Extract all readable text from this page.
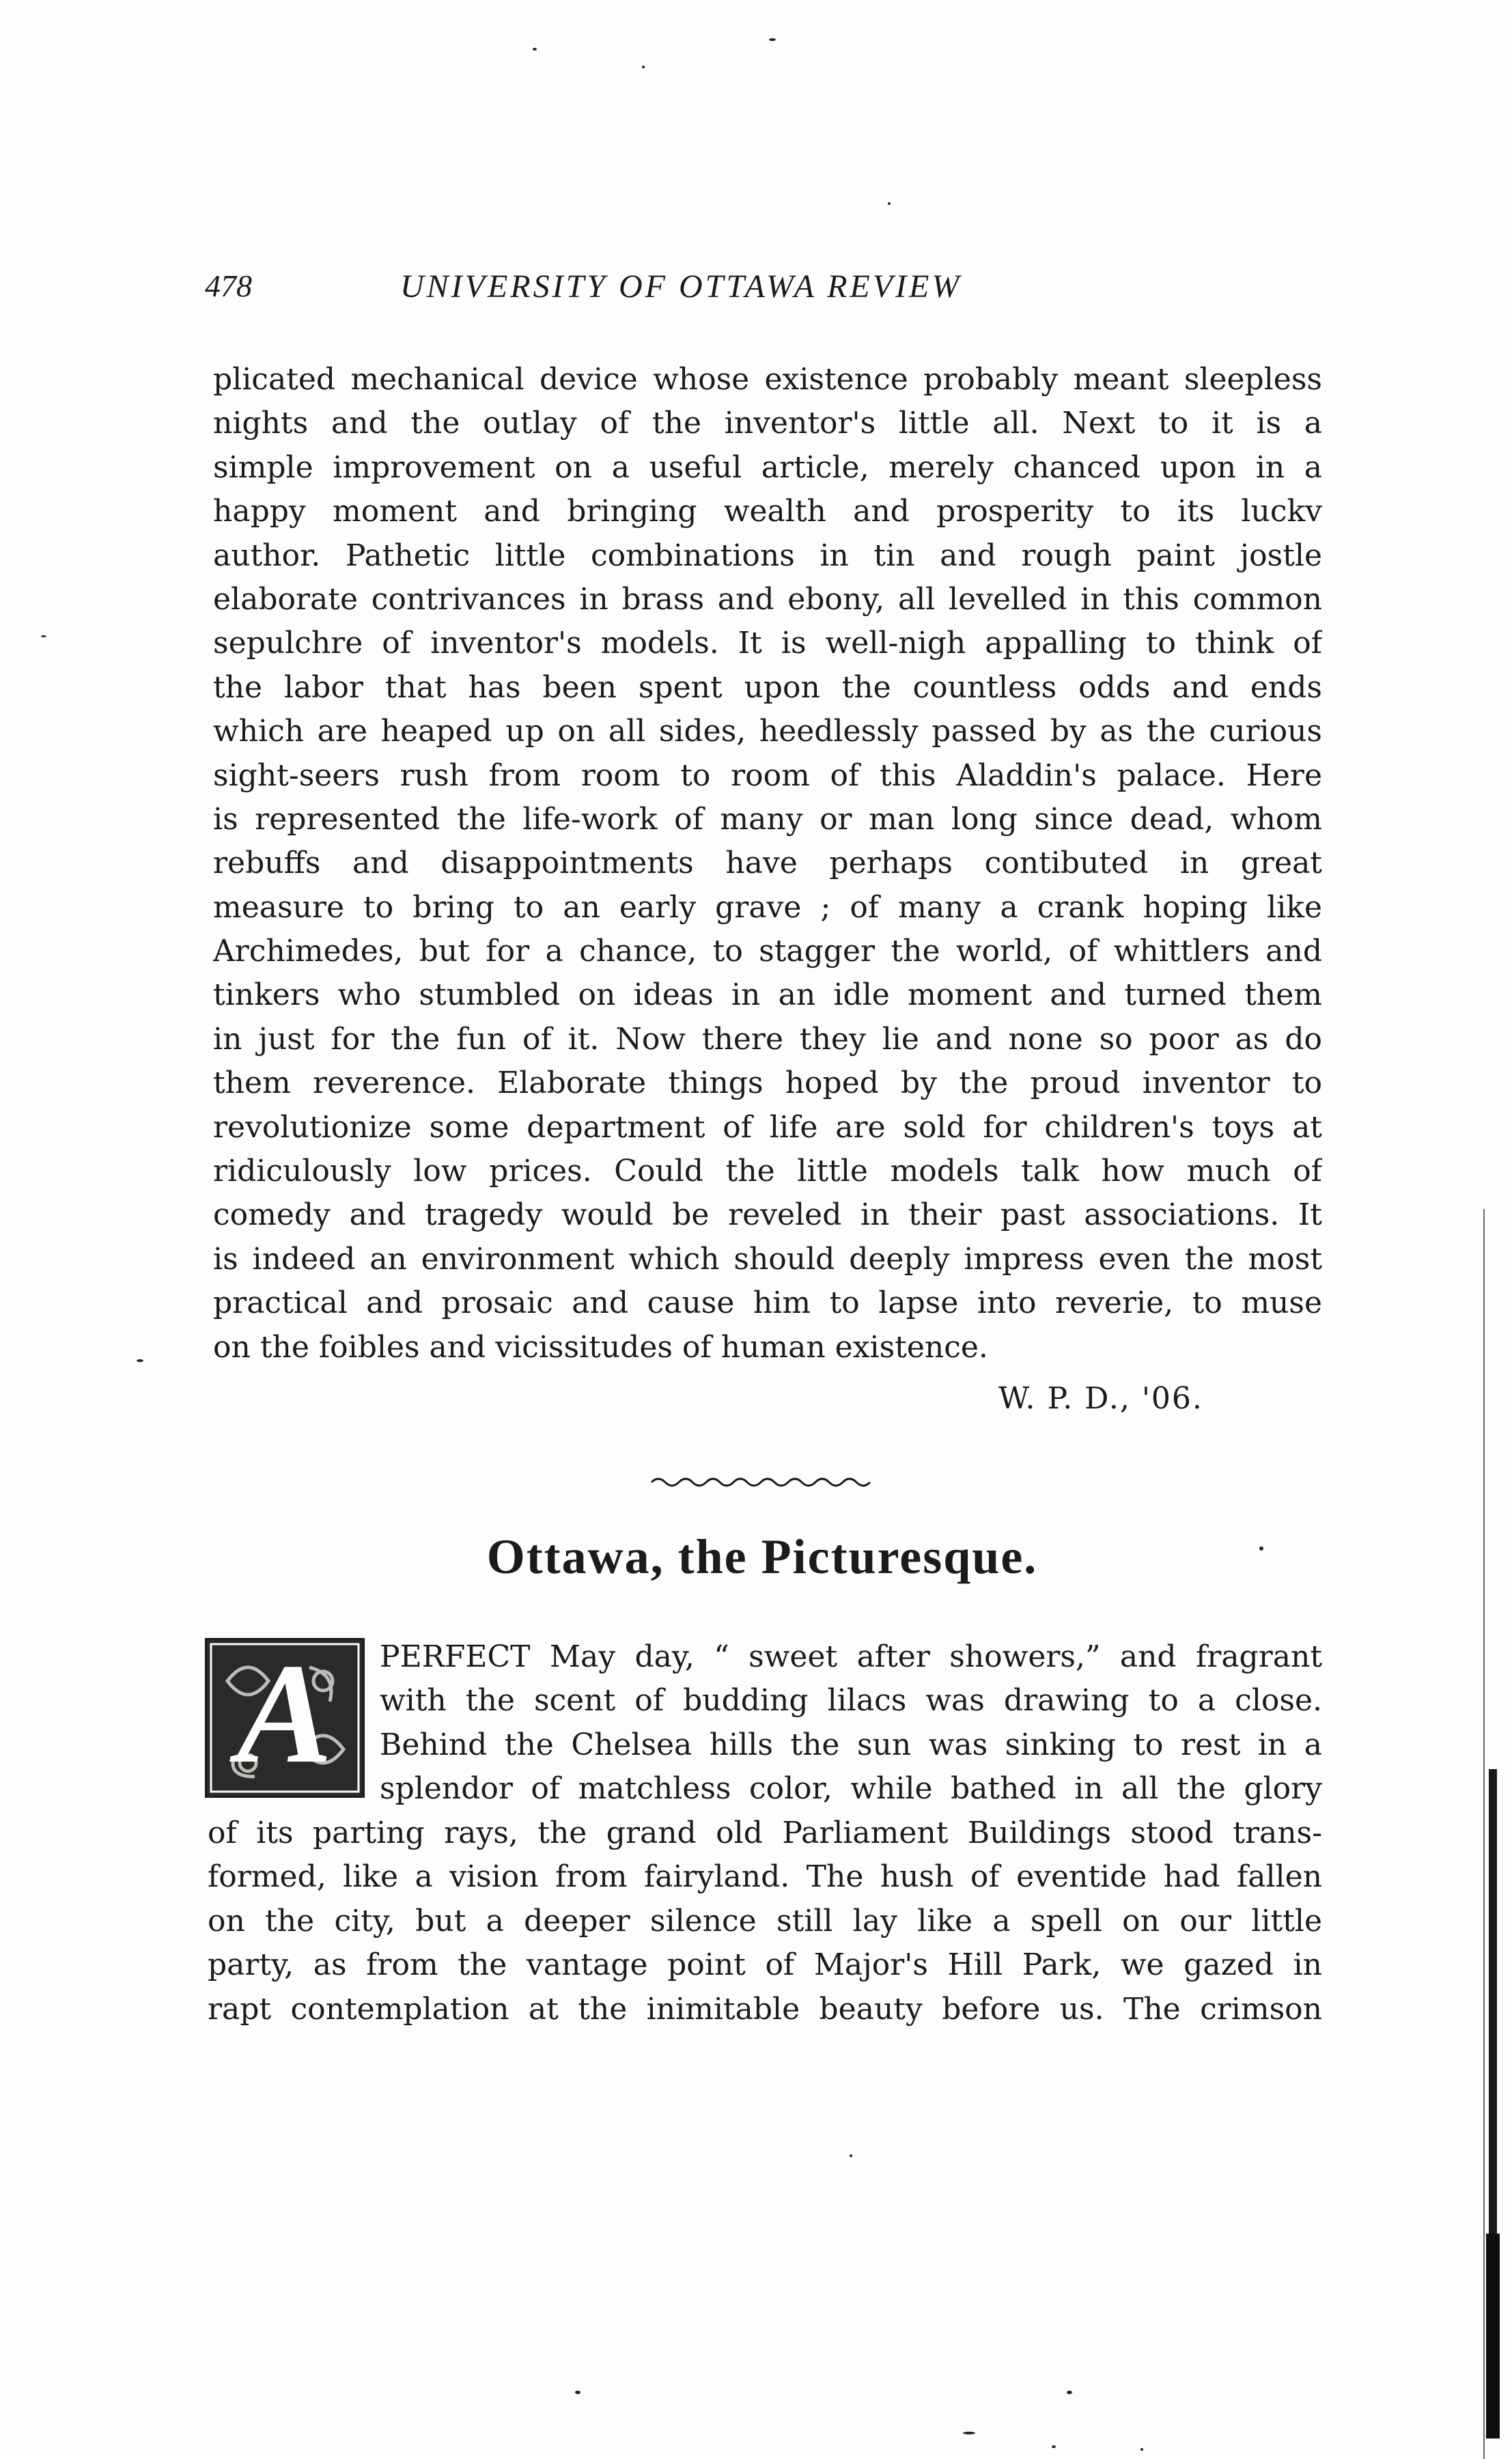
478	UNIVERSITY OF OTTAWA REVIEW
plicated mechanical device whose existence probably meant sleepless
nights and the outlay of the inventor's little all. Next to it is a
simple improvement on a useful article, merely chanced upon in a
happy moment and bringing wealth and prosperity to its luckv
author. Pathetic little combinations in tin and rough paint jostle
elaborate contrivances in brass and ebony, all levelled in this common
sepulchre of inventor's models. It is well-nigh appalling to think of
the labor that has been spent upon the countless odds and ends
which are heaped up on all sides, heedlessly passed by as the curious
sight-seers rush from room to room of this Aladdin's palace. Here
is represented the life-work of many or man long since dead, whom
rebuffs and disappointments have perhaps contibuted in great
measure to bring to an early grave ; of many a crank hoping like
Archimedes, but for a chance, to stagger the world, of whittlers and
tinkers who stumbled on ideas in an idle moment and turned them
in just for the fun of it. Now there they lie and none so poor as do
them reverence. Elaborate things hoped by the proud inventor to
revolutionize some department of life are sold for children's toys at
ridiculously low prices. Could the little models talk how much of
comedy and tragedy would be reveled in their past associations. It
is indeed an environment which should deeply impress even the most
practical and prosaic and cause him to lapse into reverie, to muse
on the foibles and vicissitudes of human existence.
W. P. D., '06.
Ottawa, the Picturesque.
A	PERFECT May day, “ sweet after showers,” and fragrant
with the scent of budding lilacs was drawing to a close.
Behind the Chelsea hills the sun was sinking to rest in a
splendor of matchless color, while bathed in all the glory
of its parting rays, the grand old Parliament Buildings stood trans-
formed, like a vision from fairyland. The hush of eventide had fallen
on the city, but a deeper silence still lay like a spell on our little
party, as from the vantage point of Major's Hill Park, we gazed in
rapt contemplation at the inimitable beauty before us. The crimson
